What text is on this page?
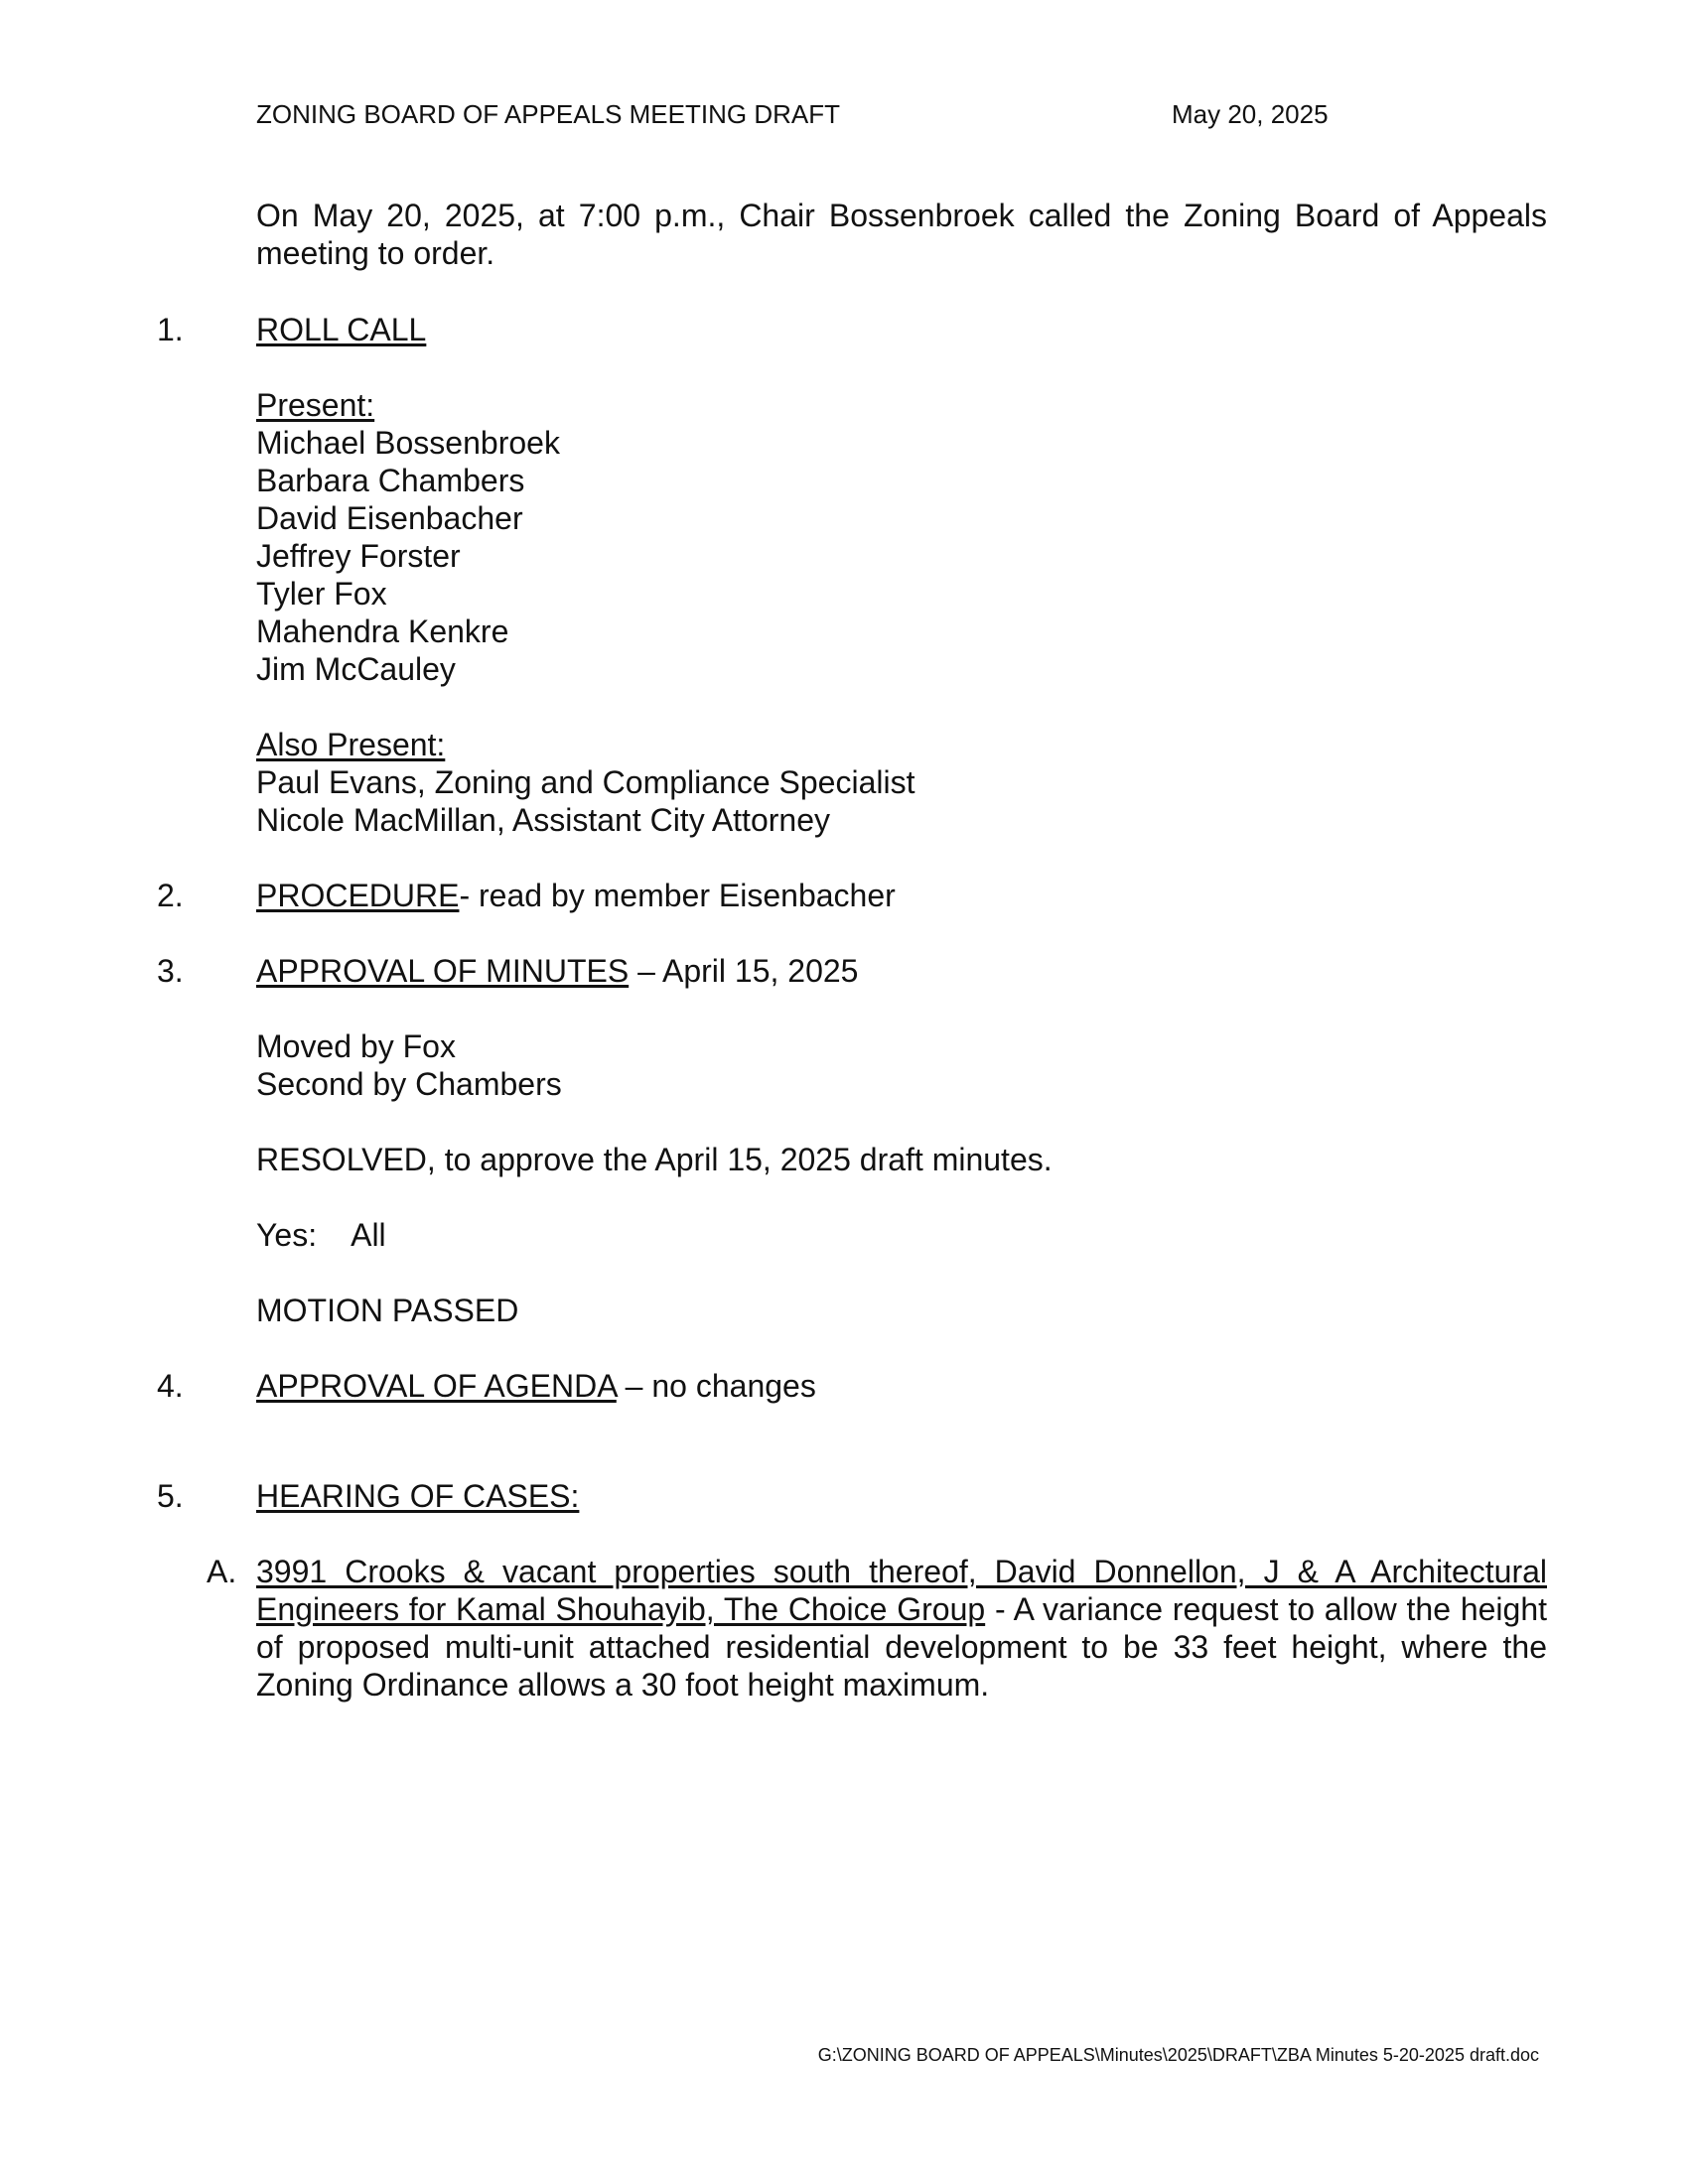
ZONING BOARD OF APPEALS MEETING DRAFT	May 20, 2025
On May 20, 2025, at 7:00 p.m., Chair Bossenbroek called the Zoning Board of Appeals meeting to order.
1. ROLL CALL
Present:
Michael Bossenbroek
Barbara Chambers
David Eisenbacher
Jeffrey Forster
Tyler Fox
Mahendra Kenkre
Jim McCauley
Also Present:
Paul Evans, Zoning and Compliance Specialist
Nicole MacMillan, Assistant City Attorney
2. PROCEDURE- read by member Eisenbacher
3. APPROVAL OF MINUTES – April 15, 2025
Moved by Fox
Second by Chambers
RESOLVED, to approve the April 15, 2025 draft minutes.
Yes: All
MOTION PASSED
4. APPROVAL OF AGENDA – no changes
5. HEARING OF CASES:
A. 3991 Crooks & vacant properties south thereof, David Donnellon, J & A Architectural Engineers for Kamal Shouhayib, The Choice Group - A variance request to allow the height of proposed multi-unit attached residential development to be 33 feet height, where the Zoning Ordinance allows a 30 foot height maximum.
G:\ZONING BOARD OF APPEALS\Minutes\2025\DRAFT\ZBA Minutes 5-20-2025 draft.doc
